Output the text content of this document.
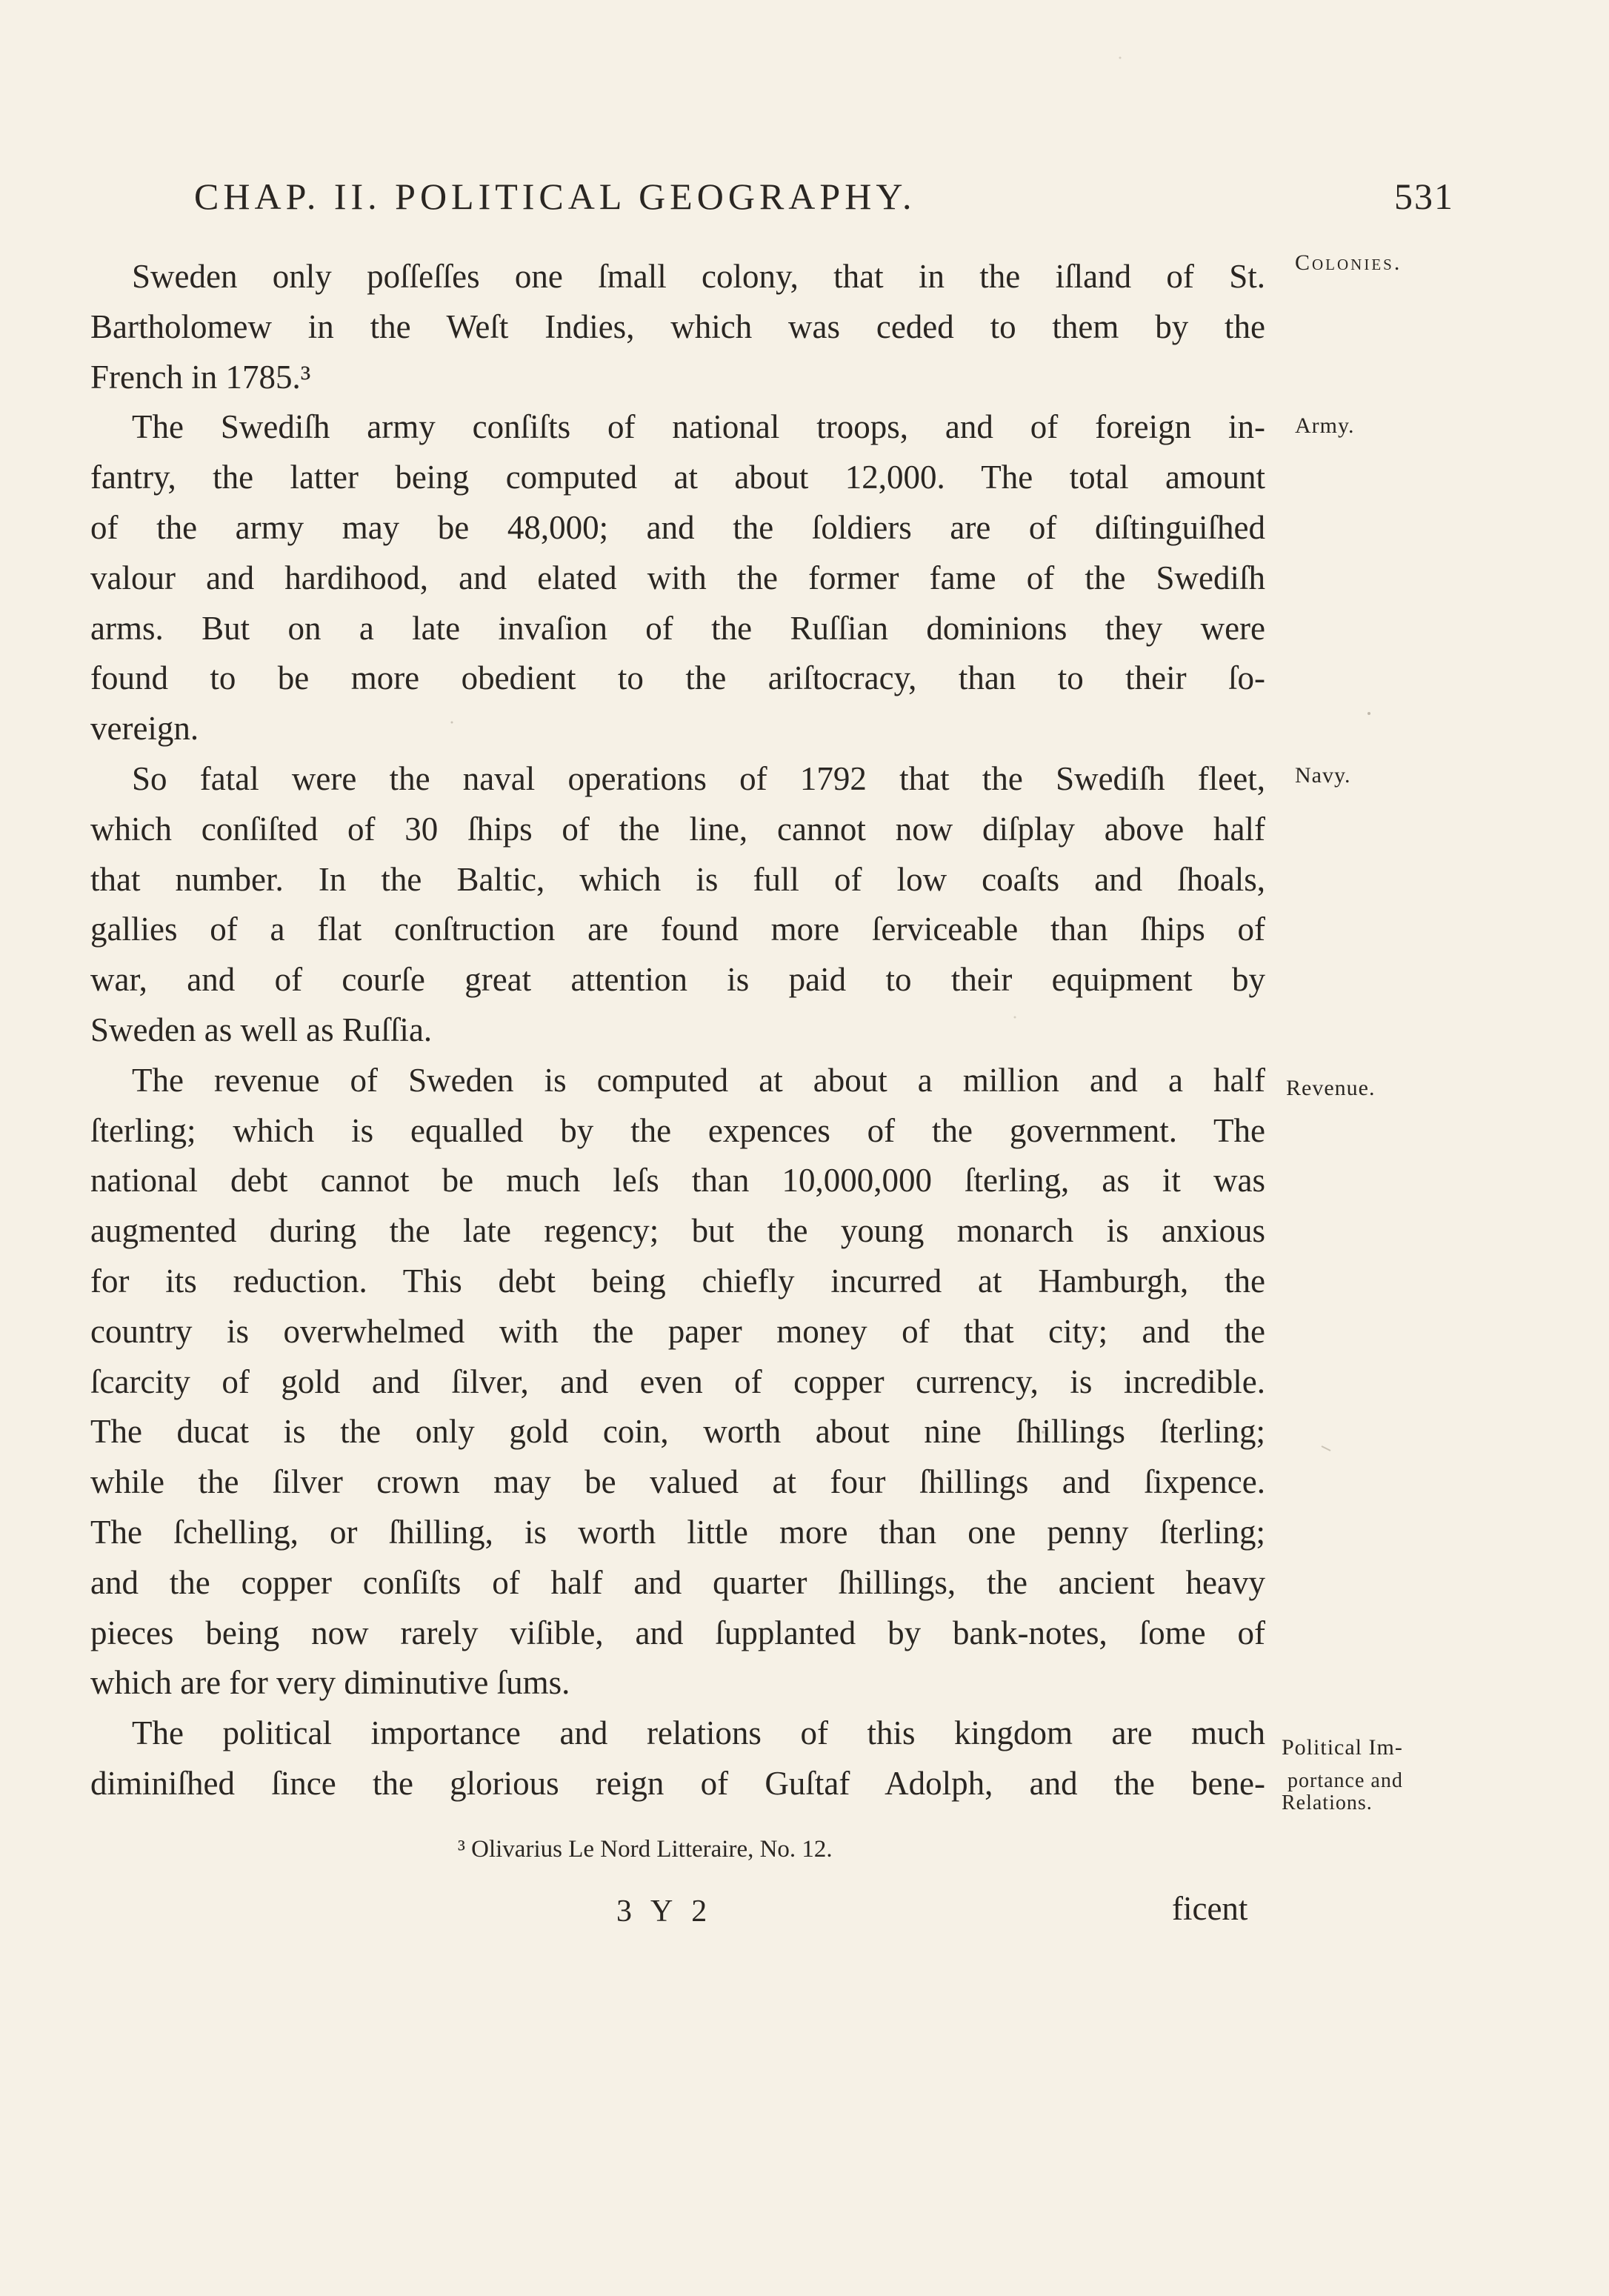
CHAP. II. POLITICAL GEOGRAPHY.	531
Sweden only poſſeſſes one ſmall colony, that in the iſland of St.
Bartholomew in the Weſt Indies, which was ceded to them by the
French in 1785.³
The Swediſh army conſiſts of national troops, and of foreign in-
fantry, the latter being computed at about 12,000. The total amount
of the army may be 48,000; and the ſoldiers are of diſtinguiſhed
valour and hardihood, and elated with the former fame of the Swediſh
arms. But on a late invaſion of the Ruſſian dominions they were
found to be more obedient to the ariſtocracy, than to their ſo-
vereign.
So fatal were the naval operations of 1792 that the Swediſh fleet,
which conſiſted of 30 ſhips of the line, cannot now diſplay above half
that number. In the Baltic, which is full of low coaſts and ſhoals,
gallies of a flat conſtruction are found more ſerviceable than ſhips of
war, and of courſe great attention is paid to their equipment by
Sweden as well as Ruſſia.
The revenue of Sweden is computed at about a million and a half
ſterling; which is equalled by the expences of the government. The
national debt cannot be much leſs than 10,000,000 ſterling, as it was
augmented during the late regency; but the young monarch is anxious
for its reduction. This debt being chiefly incurred at Hamburgh, the
country is overwhelmed with the paper money of that city; and the
ſcarcity of gold and ſilver, and even of copper currency, is incredible.
The ducat is the only gold coin, worth about nine ſhillings ſterling;
while the ſilver crown may be valued at four ſhillings and ſixpence.
The ſchelling, or ſhilling, is worth little more than one penny ſterling;
and the copper conſiſts of half and quarter ſhillings, the ancient heavy
pieces being now rarely viſible, and ſupplanted by bank-notes, ſome of
which are for very diminutive ſums.
The political importance and relations of this kingdom are much
diminiſhed ſince the glorious reign of Guſtaf Adolph, and the bene-
Colonies.
Army.
Navy.
Revenue.
Political Im-
portance and
Relations.
³ Olivarius Le Nord Litteraire, No. 12.
3 Y 2	ficent
